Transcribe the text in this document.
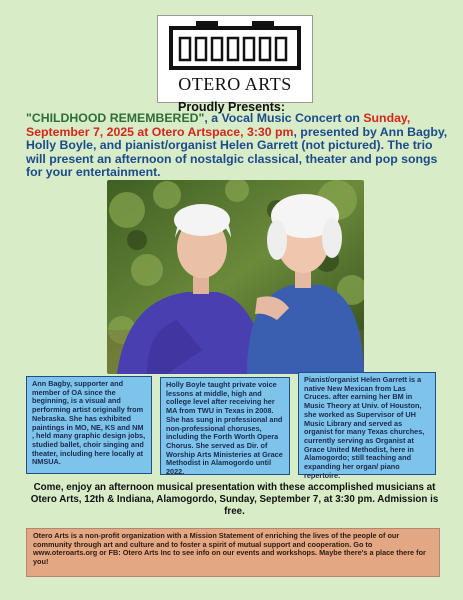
OTERO ARTS
Proudly Presents:
"CHILDHOOD REMEMBERED", a Vocal Music Concert on Sunday, September 7, 2025 at Otero Artspace, 3:30 pm, presented by Ann Bagby, Holly Boyle, and pianist/organist Helen Garrett (not pictured). The trio will present an afternoon of nostalgic classical, theater and pop songs for your entertainment.
Ann Bagby, supporter and member of OA since the beginning, is a visual and performing artist originally from Nebraska. She has exhibited paintings in MO, NE, KS and NM , held many graphic design jobs, studied ballet, choir singing and theater, including here locally at NMSUA.
Holly Boyle taught private voice lessons at middle, high and college level after receiving her MA from TWU in Texas in 2008. She has sung in professional and non-professional choruses, including the Forth Worth Opera Chorus. She served as Dir. of Worship Arts Ministeries at Grace Methodist in Alamogordo until 2022.
Pianist/organist Helen Garrett is a native New Mexican from Las Cruces. after earning her BM in Music Theory at Univ. of Houston, she worked as Supervisor of UH Music Library and served as organist for many Texas churches, currently serving as Organist at Grace United Methodist, here in Alamogordo; still teaching and expanding her organ/ piano repertoire.
Come, enjoy an afternoon musical presentation with these accomplished musicians at Otero Arts, 12th & Indiana, Alamogordo, Sunday, September 7, at 3:30 pm. Admission is free.
Otero Arts is a non-profit organization with a Mission Statement of enriching the lives of the people of our community through art and culture and to foster a spirit of mutual support and cooperation. Go to www.oteroarts.org or FB: Otero Arts Inc to see info on our events and workshops. Maybe there's a place there for you!
